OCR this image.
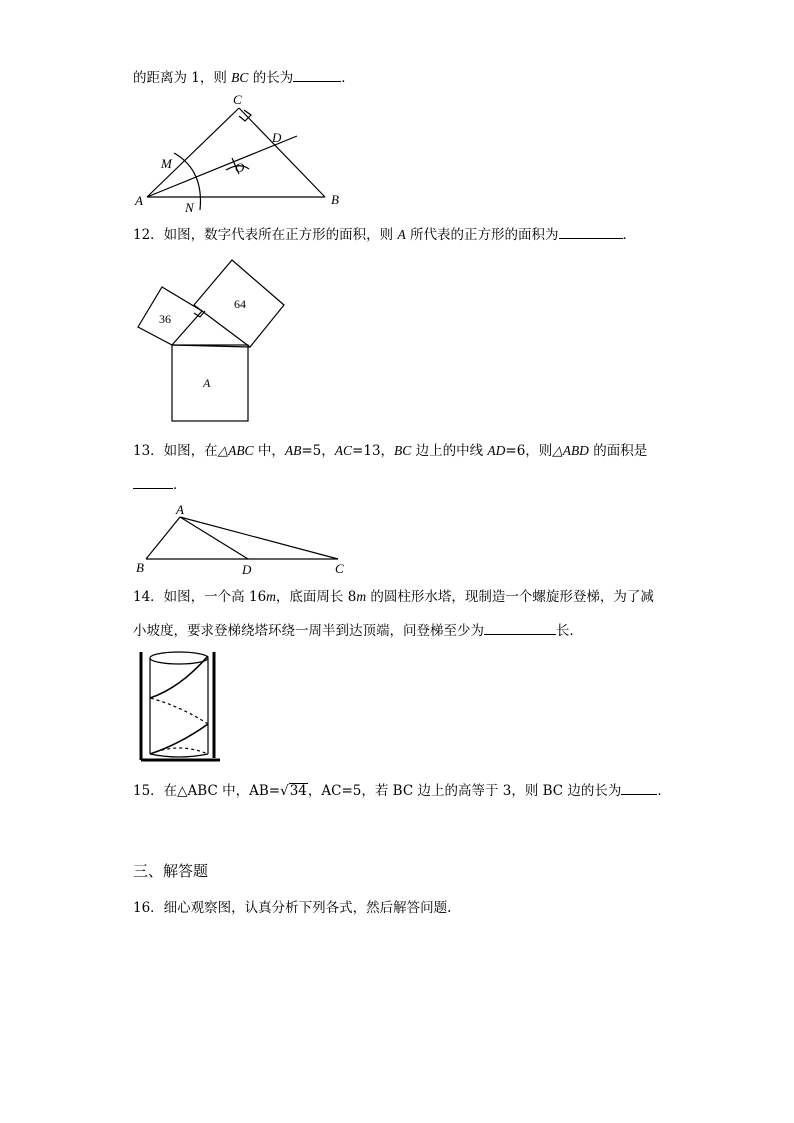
的距离为 1，则 BC 的长为	．
C
D
M	O
A	N
B
12．如图，数字代表所在正方形的面积，则 A 所代表的正方形的面积为	．
36
64
A
13．如图，在△ABC 中，AB=5，AC=13，BC 边上的中线 AD=6，则△ABD 的面积是
．
A
B	D	C
14．如图，一个高 16m，底面周长 8m 的圆柱形水塔，现制造一个螺旋形登梯，为了减
小坡度，要求登梯绕塔环绕一周半到达顶端，问登梯至少为	长．
15．在△ABC 中，AB=√34，AC=5，若 BC 边上的高等于 3，则 BC 边的长为	．
三、解答题
16．细心观察图，认真分析下列各式，然后解答问题.
